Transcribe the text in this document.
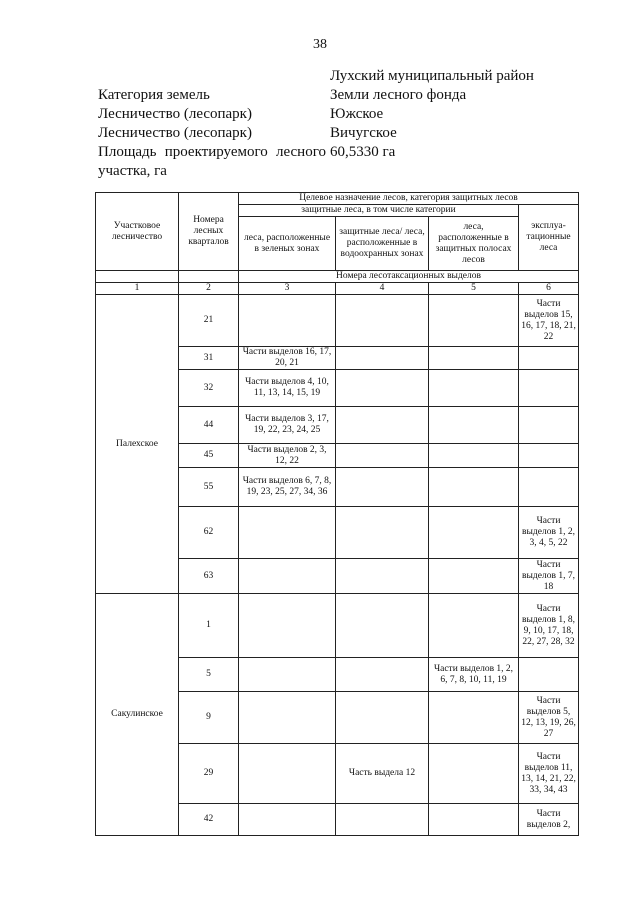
38
Лухский муниципальный район
Категория земель	Земли лесного фонда
Лесничество (лесопарк)	Южское
Лесничество (лесопарк)	Вичугское
Площадь проектируемого лесного 60,5330 га
участка, га
Участковое лесничество	Номера лесных кварталов	Целевое назначение лесов, категория защитных лесов			
		защитные леса, в том числе категории			эксплуа-тационные леса
		леса, расположенные в зеленых зонах	защитные леса/ леса, расположенные в водоохранных зонах	леса, расположенные в защитных полосах лесов	
		Номера лесотаксационных выделов			
1	2	3	4	5	6
Палехское	21				Части выделов 15, 16, 17, 18, 21, 22
	31	Части выделов 16, 17, 20, 21			
	32	Части выделов 4, 10, 11, 13, 14, 15, 19			
	44	Части выделов 3, 17, 19, 22, 23, 24, 25			
	45	Части выделов 2, 3, 12, 22			
	55	Части выделов 6, 7, 8, 19, 23, 25, 27, 34, 36			
	62				Части выделов 1, 2, 3, 4, 5, 22
	63				Части выделов 1, 7, 18
Сакулинское	1				Части выделов 1, 8, 9, 10, 17, 18, 22, 27, 28, 32
	5			Части выделов 1, 2, 6, 7, 8, 10, 11, 19	
	9				Части выделов 5, 12, 13, 19, 26, 27
	29		Часть выдела 12		Части выделов 11, 13, 14, 21, 22, 33, 34, 43
	42				Части выделов 2,
